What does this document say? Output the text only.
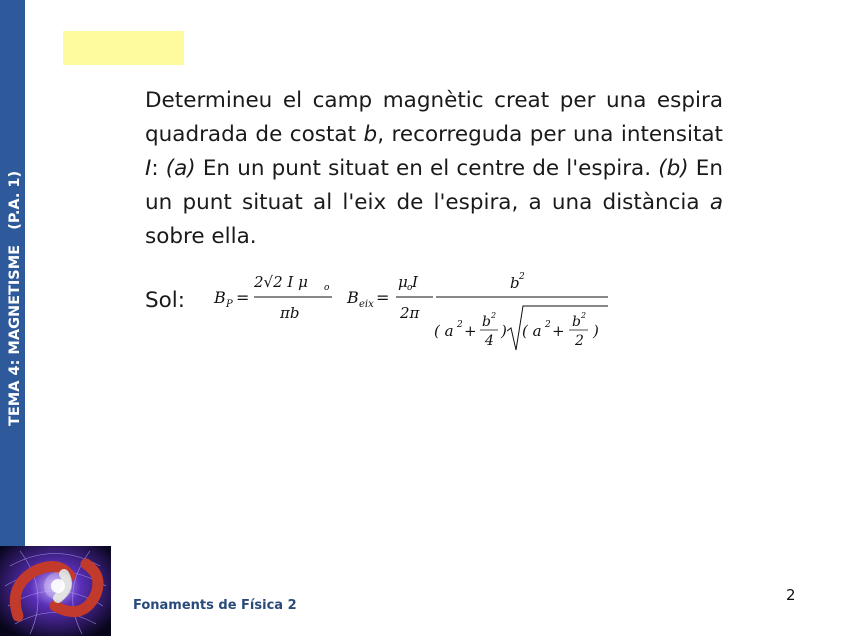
TEMA 4: MAGNETISME   (P.A. 1)
Determineu el camp magnètic creat per una espira quadrada de costat b, recorreguda per una intensitat I: (a) En un punt situat en el centre de l'espira. (b) En un punt situat al l'eix de l'espira, a una distància a sobre ella.
Sol: B P =
2√2 I μ o
πb
B eix =
μ o I
2π
b 2
( a 2 + b 2
4
) ( a 2 + b 2
2
)
Fonaments de Física 2
2
